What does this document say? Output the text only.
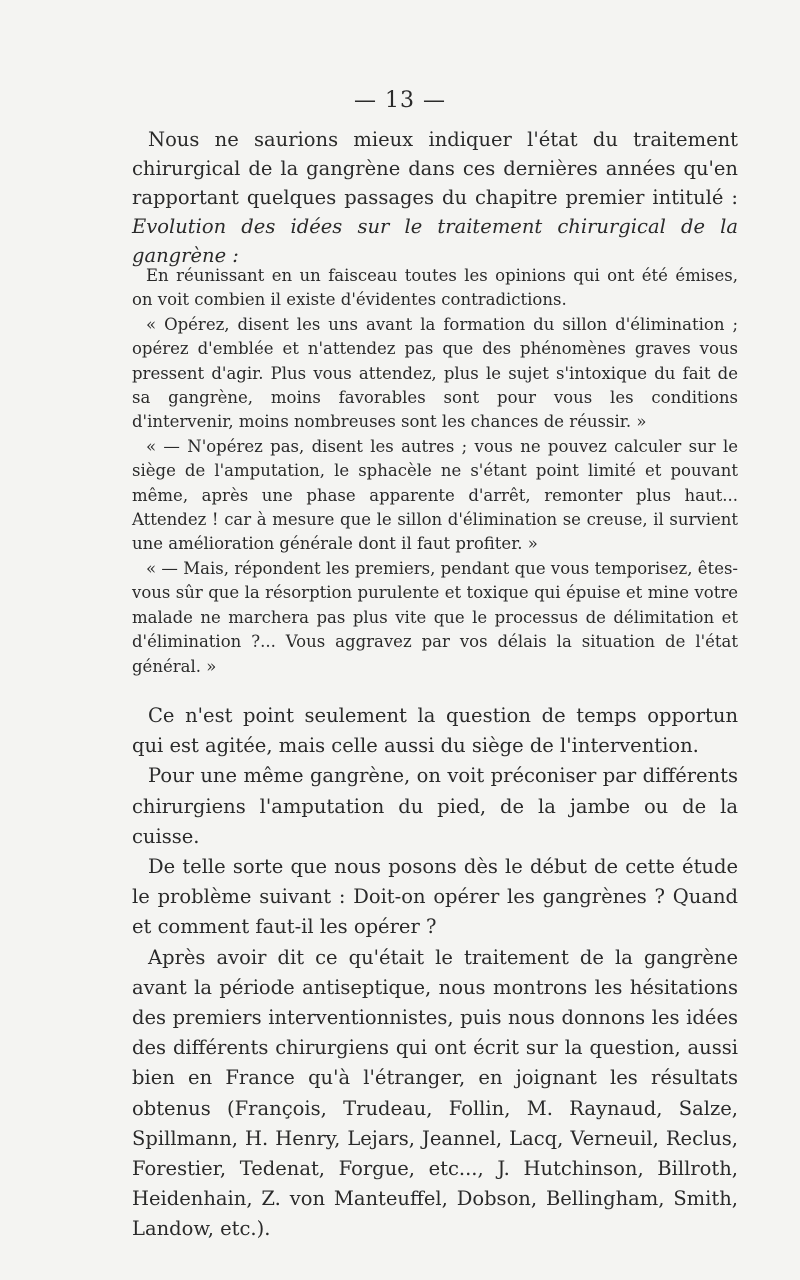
— 13 —

Nous ne saurions mieux indiquer l'état du traitement chirurgical de la gangrène dans ces dernières années qu'en rapportant quelques passages du chapitre premier intitulé : Evolution des idées sur le traitement chirurgical de la gangrène :

En réunissant en un faisceau toutes les opinions qui ont été émises, on voit combien il existe d'évidentes contradictions.

« Opérez, disent les uns avant la formation du sillon d'élimination ; opérez d'emblée et n'attendez pas que des phénomènes graves vous pressent d'agir. Plus vous attendez, plus le sujet s'intoxique du fait de sa gangrène, moins favorables sont pour vous les conditions d'intervenir, moins nombreuses sont les chances de réussir. »

« — N'opérez pas, disent les autres ; vous ne pouvez calculer sur le siège de l'amputation, le sphacèle ne s'étant point limité et pouvant même, après une phase apparente d'arrêt, remonter plus haut... Attendez ! car à mesure que le sillon d'élimination se creuse, il survient une amélioration générale dont il faut profiter. »

« — Mais, répondent les premiers, pendant que vous temporisez, êtes-vous sûr que la résorption purulente et toxique qui épuise et mine votre malade ne marchera pas plus vite que le processus de délimitation et d'élimination ?... Vous aggravez par vos délais la situation de l'état général. »

Ce n'est point seulement la question de temps opportun qui est agitée, mais celle aussi du siège de l'intervention.

Pour une même gangrène, on voit préconiser par différents chirurgiens l'amputation du pied, de la jambe ou de la cuisse.

De telle sorte que nous posons dès le début de cette étude le problème suivant : Doit-on opérer les gangrènes ? Quand et comment faut-il les opérer ?

Après avoir dit ce qu'était le traitement de la gangrène avant la période antiseptique, nous montrons les hésitations des premiers interventionnistes, puis nous donnons les idées des différents chirurgiens qui ont écrit sur la question, aussi bien en France qu'à l'étranger, en joignant les résultats obtenus (François, Trudeau, Follin, M. Raynaud, Salze, Spillmann, H. Henry, Lejars, Jeannel, Lacq, Verneuil, Reclus, Forestier, Tedenat, Forgue, etc..., J. Hutchinson, Billroth, Heidenhain, Z. von Manteuffel, Dobson, Bellingham, Smith, Landow, etc.).
